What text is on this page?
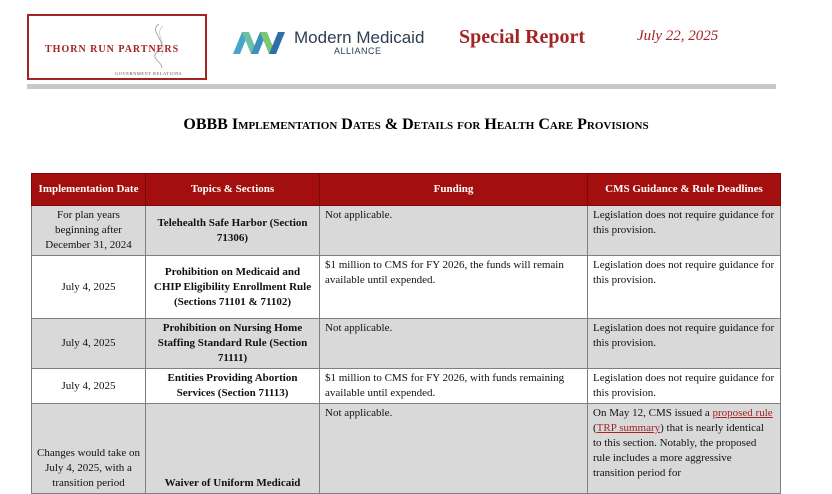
THORN RUN PARTNERS
GOVERNMENT RELATIONS
Modern Medicaid
ALLIANCE
Special Report	July 22, 2025
OBBB Implementation Dates & Details for Health Care Provisions
Implementation Date	Topics & Sections	Funding	CMS Guidance & Rule Deadlines
For plan years beginning after December 31, 2024	Telehealth Safe Harbor (Section 71306)	Not applicable.	Legislation does not require guidance for this provision.
July 4, 2025	Prohibition on Medicaid and CHIP Eligibility Enrollment Rule (Sections 71101 & 71102)	$1 million to CMS for FY 2026, the funds will remain available until expended.	Legislation does not require guidance for this provision.
July 4, 2025	Prohibition on Nursing Home Staffing Standard Rule (Section 71111)	Not applicable.	Legislation does not require guidance for this provision.
July 4, 2025	Entities Providing Abortion Services (Section 71113)	$1 million to CMS for FY 2026, with funds remaining available until expended.	Legislation does not require guidance for this provision.
Changes would take on July 4, 2025, with a transition period	Waiver of Uniform Medicaid	Not applicable.	On May 12, CMS issued a proposed rule (TRP summary) that is nearly identical to this section. Notably, the proposed rule includes a more aggressive transition period for
